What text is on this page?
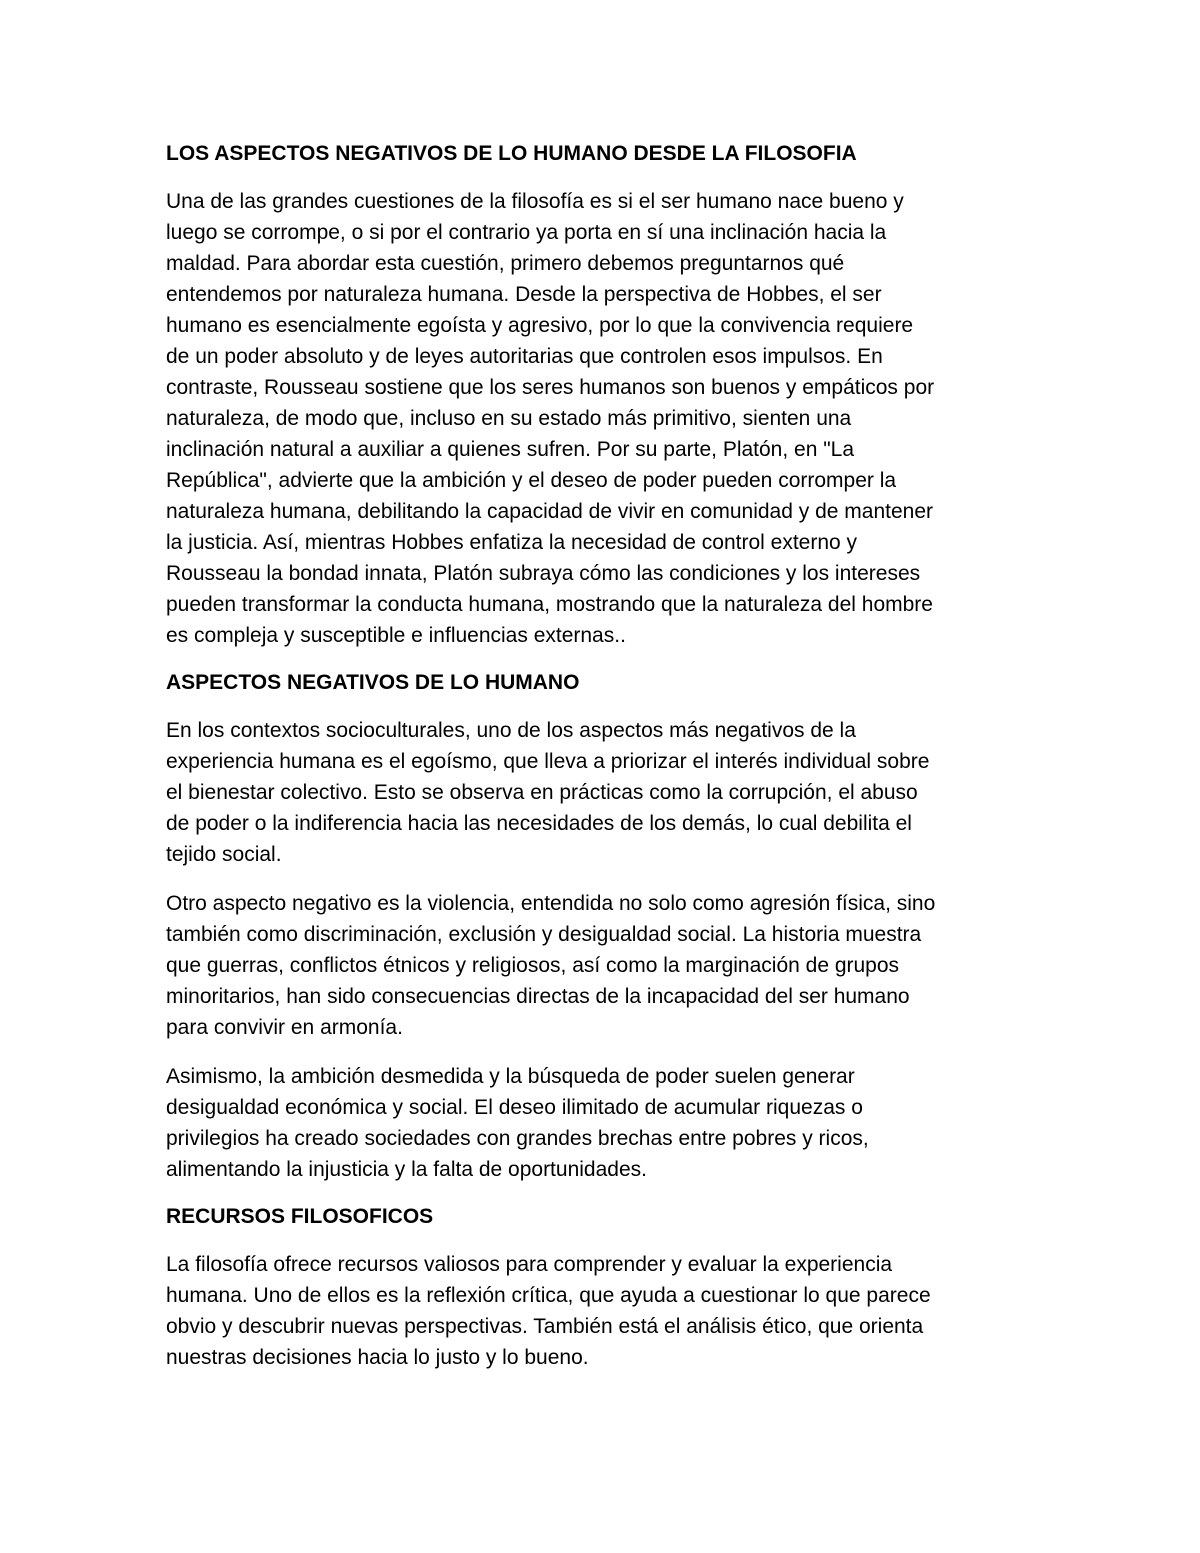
LOS ASPECTOS NEGATIVOS DE LO HUMANO DESDE LA FILOSOFIA
Una de las grandes cuestiones de la filosofía es si el ser humano nace bueno y
luego se corrompe, o si por el contrario ya porta en sí una inclinación hacia la
maldad. Para abordar esta cuestión, primero debemos preguntarnos qué
entendemos por naturaleza humana. Desde la perspectiva de Hobbes, el ser
humano es esencialmente egoísta y agresivo, por lo que la convivencia requiere
de un poder absoluto y de leyes autoritarias que controlen esos impulsos. En
contraste, Rousseau sostiene que los seres humanos son buenos y empáticos por
naturaleza, de modo que, incluso en su estado más primitivo, sienten una
inclinación natural a auxiliar a quienes sufren. Por su parte, Platón, en "La
República", advierte que la ambición y el deseo de poder pueden corromper la
naturaleza humana, debilitando la capacidad de vivir en comunidad y de mantener
la justicia. Así, mientras Hobbes enfatiza la necesidad de control externo y
Rousseau la bondad innata, Platón subraya cómo las condiciones y los intereses
pueden transformar la conducta humana, mostrando que la naturaleza del hombre
es compleja y susceptible e influencias externas..
ASPECTOS NEGATIVOS DE LO HUMANO
En los contextos socioculturales, uno de los aspectos más negativos de la
experiencia humana es el egoísmo, que lleva a priorizar el interés individual sobre
el bienestar colectivo. Esto se observa en prácticas como la corrupción, el abuso
de poder o la indiferencia hacia las necesidades de los demás, lo cual debilita el
tejido social.
Otro aspecto negativo es la violencia, entendida no solo como agresión física, sino
también como discriminación, exclusión y desigualdad social. La historia muestra
que guerras, conflictos étnicos y religiosos, así como la marginación de grupos
minoritarios, han sido consecuencias directas de la incapacidad del ser humano
para convivir en armonía.
Asimismo, la ambición desmedida y la búsqueda de poder suelen generar
desigualdad económica y social. El deseo ilimitado de acumular riquezas o
privilegios ha creado sociedades con grandes brechas entre pobres y ricos,
alimentando la injusticia y la falta de oportunidades.
RECURSOS FILOSOFICOS
La filosofía ofrece recursos valiosos para comprender y evaluar la experiencia
humana. Uno de ellos es la reflexión crítica, que ayuda a cuestionar lo que parece
obvio y descubrir nuevas perspectivas. También está el análisis ético, que orienta
nuestras decisiones hacia lo justo y lo bueno.
